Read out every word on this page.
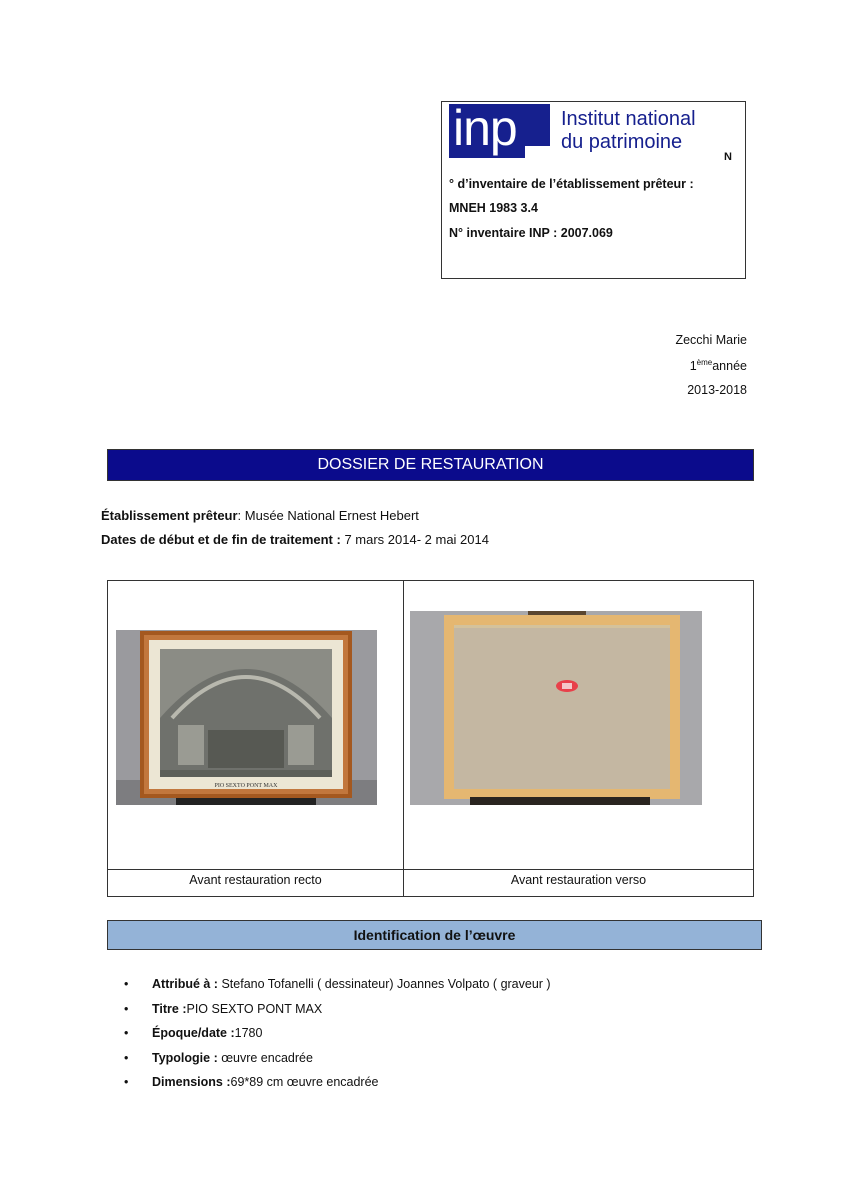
inp Institut national
du patrimoine
N
° d’inventaire de l’établissement prêteur :
MNEH 1983 3.4
N° inventaire INP : 2007.069
Zecchi Marie
1èmeannée
2013-2018
DOSSIER DE RESTAURATION
Établissement prêteur: Musée National Ernest Hebert
Dates de début et de fin de traitement : 7 mars 2014- 2 mai 2014
PIO SEXTO PONT MAX
Avant restauration recto	Avant restauration verso
Identification de l’œuvre
• Attribué à : Stefano Tofanelli ( dessinateur) Joannes Volpato ( graveur )
• Titre :PIO SEXTO PONT MAX
• Époque/date :1780
• Typologie : œuvre encadrée
• Dimensions :69*89 cm œuvre encadrée
